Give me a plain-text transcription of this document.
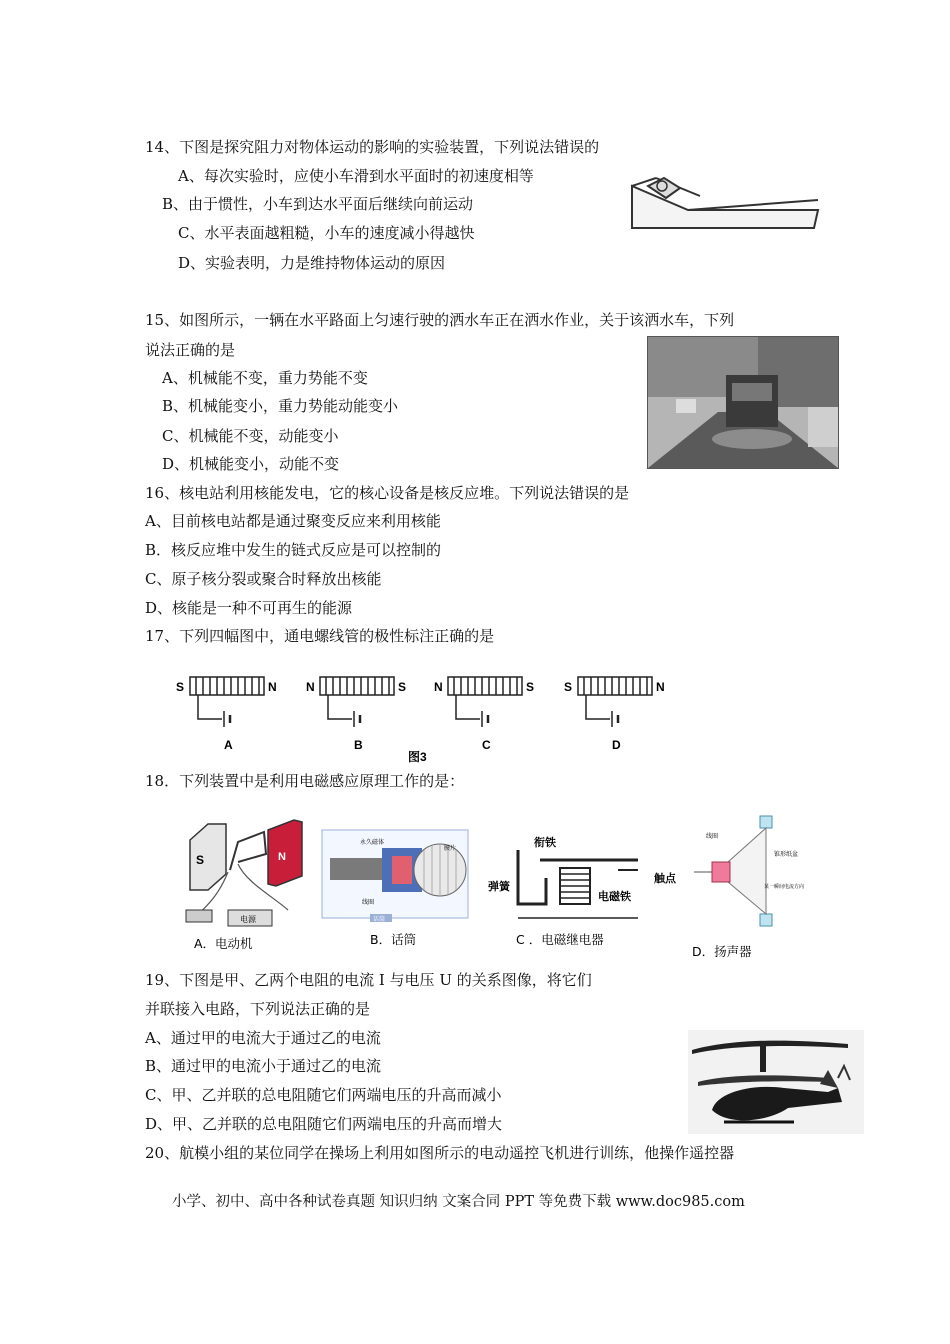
14、下图是探究阻力对物体运动的影响的实验装置，下列说法错误的
A、每次实验时，应使小车滑到水平面时的初速度相等
B、由于惯性，小车到达水平面后继续向前运动
C、水平表面越粗糙，小车的速度减小得越快
D、实验表明，力是维持物体运动的原因
15、如图所示，一辆在水平路面上匀速行驶的洒水车正在洒水作业，关于该洒水车，下列
说法正确的是
A、机械能不变，重力势能不变
B、机械能变小，重力势能动能变小
C、机械能不变，动能变小
D、机械能变小，动能不变
16、核电站利用核能发电，它的核心设备是核反应堆。下列说法错误的是
A、目前核电站都是通过聚变反应来利用核能
B．核反应堆中发生的链式反应是可以控制的
C、原子核分裂或聚合时释放出核能
D、核能是一种不可再生的能源
17、下列四幅图中，通电螺线管的极性标注正确的是
S	N
A
N	S
B
N	S
C
S	N
D
图3
18．下列装置中是利用电磁感应原理工作的是：
S	N
电源
A．电动机
永久磁体
线圈
膜片
话筒
B．话筒
衔铁
弹簧
触点
电磁铁
C ．电磁继电器
线圈
锥形纸盆
某一瞬间电流方向
D．扬声器
19、下图是甲、乙两个电阻的电流 I 与电压 U 的关系图像，将它们
并联接入电路，下列说法正确的是
A、通过甲的电流大于通过乙的电流
B、通过甲的电流小于通过乙的电流
C、甲、乙并联的总电阻随它们两端电压的升高而减小
D、甲、乙并联的总电阻随它们两端电压的升高而增大
20、航模小组的某位同学在操场上利用如图所示的电动遥控飞机进行训练，他操作遥控器
小学、初中、高中各种试卷真题 知识归纳 文案合同 PPT 等免费下载 www.doc985.com
